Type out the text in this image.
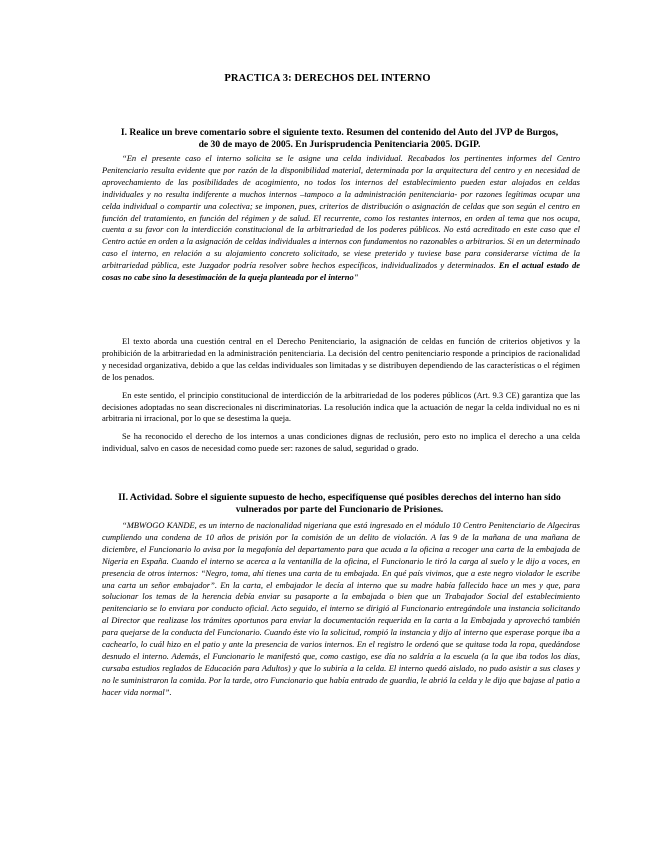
PRACTICA 3: DERECHOS DEL INTERNO
I. Realice un breve comentario sobre el siguiente texto. Resumen del contenido del Auto del JVP de Burgos,
de 30 de mayo de 2005. En Jurisprudencia Penitenciaria 2005. DGIP.

“En el presente caso el interno solicita se le asigne una celda individual. Recabados los pertinentes informes del Centro Penitenciario resulta evidente que por razón de la disponibilidad material, determinada por la arquitectura del centro y en necesidad de aprovechamiento de las posibilidades de acogimiento, no todos los internos del establecimiento pueden estar alojados en celdas individuales y no resulta indiferente a muchos internos –tampoco a la administración penitenciaria- por razones legítimas ocupar una celda individual o compartir una colectiva; se imponen, pues, criterios de distribución o asignación de celdas que son según el centro en función del tratamiento, en función del régimen y de salud. El recurrente, como los restantes internos, en orden al tema que nos ocupa, cuenta a su favor con la interdicción constitucional de la arbitrariedad de los poderes públicos. No está acreditado en este caso que el Centro actúe en orden a la asignación de celdas individuales a internos con fundamentos no razonables o arbitrarios. Si en un determinado caso el interno, en relación a su alojamiento concreto solicitado, se viese preterido y tuviese base para considerarse víctima de la arbitrariedad pública, este Juzgador podría resolver sobre hechos específicos, individualizados y determinados. En el actual estado de cosas no cabe sino la desestimación de la queja planteada por el interno"

El texto aborda una cuestión central en el Derecho Penitenciario, la asignación de celdas en función de criterios objetivos y la prohibición de la arbitrariedad en la administración penitenciaria. La decisión del centro penitenciario responde a principios de racionalidad y necesidad organizativa, debido a que las celdas individuales son limitadas y se distribuyen dependiendo de las características o el régimen de los penados.

En este sentido, el principio constitucional de interdicción de la arbitrariedad de los poderes públicos (Art. 9.3 CE) garantiza que las decisiones adoptadas no sean discrecionales ni discriminatorias. La resolución indica que la actuación de negar la celda individual no es ni arbitraria ni irracional, por lo que se desestima la queja.

Se ha reconocido el derecho de los internos a unas condiciones dignas de reclusión, pero esto no implica el derecho a una celda individual, salvo en casos de necesidad como puede ser: razones de salud, seguridad o grado.

II. Actividad. Sobre el siguiente supuesto de hecho, especifíquense qué posibles derechos del interno han sido
vulnerados por parte del Funcionario de Prisiones.

“MBWOGO KANDE, es un interno de nacionalidad nigeriana que está ingresado en el módulo 10 Centro Penitenciario de Algeciras cumpliendo una condena de 10 años de prisión por la comisión de un delito de violación. A las 9 de la mañana de una mañana de diciembre, el Funcionario lo avisa por la megafonía del departamento para que acuda a la oficina a recoger una carta de la embajada de Nigeria en España. Cuando el interno se acerca a la ventanilla de la oficina, el Funcionario le tiró la carga al suelo y le dijo a voces, en presencia de otros internos: “Negro, toma, ahí tienes una carta de tu embajada. En qué país vivimos, que a este negro violador le escribe una carta un señor embajador”. En la carta, el embajador le decía al interno que su madre había fallecido hace un mes y que, para solucionar los temas de la herencia debía enviar su pasaporte a la embajada o bien que un Trabajador Social del establecimiento penitenciario se lo enviara por conducto oficial. Acto seguido, el interno se dirigió al Funcionario entregándole una instancia solicitando al Director que realizase los trámites oportunos para enviar la documentación requerida en la carta a la Embajada y aprovechó también para quejarse de la conducta del Funcionario. Cuando éste vio la solicitud, rompió la instancia y dijo al interno que esperase porque iba a cachearlo, lo cuál hizo en el patio y ante la presencia de varios internos. En el registro le ordenó que se quitase toda la ropa, quedándose desnudo el interno. Además, el Funcionario le manifestó que, como castigo, ese día no saldría a la escuela (a la que iba todos los días, cursaba estudios reglados de Educación para Adultos) y que lo subiría a la celda. El interno quedó aislado, no pudo asistir a sus clases y no le suministraron la comida. Por la tarde, otro Funcionario que había entrado de guardia, le abrió la celda y le dijo que bajase al patio a hacer vida normal”.
